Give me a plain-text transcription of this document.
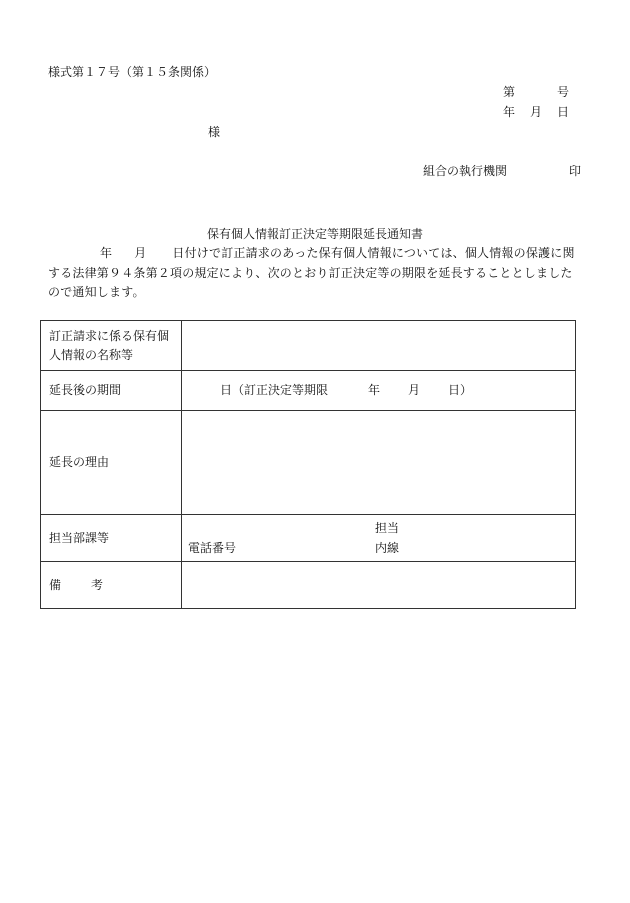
様式第１７号（第１５条関係）
第	号
年 月 日
様
組合の執行機関	印
保有個人情報訂正決定等期限延長通知書
年 月 日付けで訂正請求のあった保有個人情報については、個人情報の保護に関する法律第９４条第２項の規定により、次のとおり訂正決定等の期限を延長することとしましたので通知します。
訂正請求に係る保有個人情報の名称等	
延長後の期間	日（訂正決定等期限 年 月 日）
延長の理由	
担当部課等	担当
電話番号 内線

備 考	
